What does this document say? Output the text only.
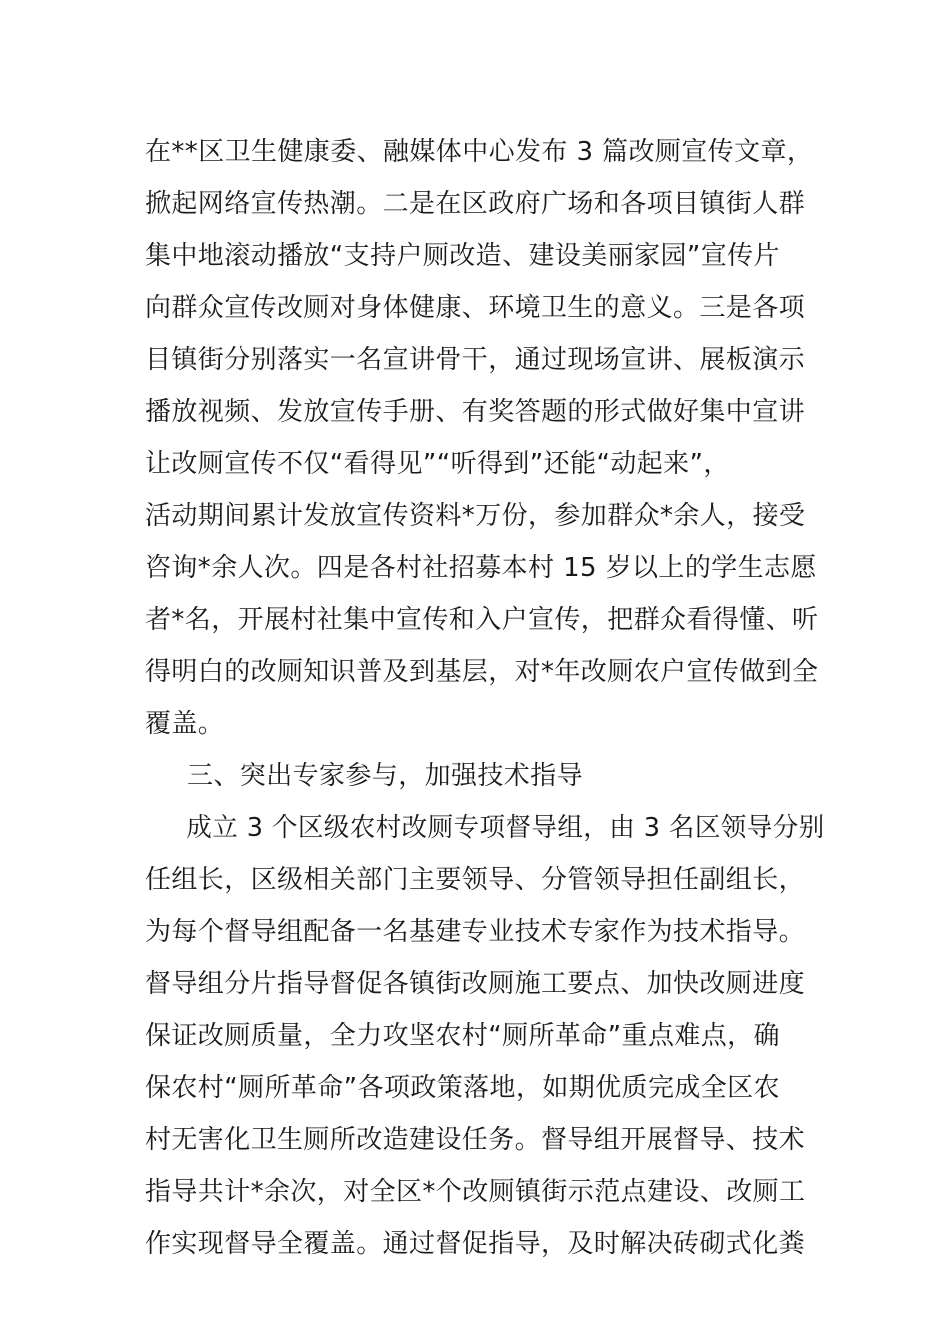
在**区卫生健康委、融媒体中心发布 3 篇改厕宣传文章，
掀起网络宣传热潮。二是在区政府广场和各项目镇街人群
集中地滚动播放“支持户厕改造、建设美丽家园”宣传片
向群众宣传改厕对身体健康、环境卫生的意义。三是各项
目镇街分别落实一名宣讲骨干，通过现场宣讲、展板演示
播放视频、发放宣传手册、有奖答题的形式做好集中宣讲
让改厕宣传不仅“看得见”“听得到”还能“动起来”，
活动期间累计发放宣传资料*万份，参加群众*余人，接受
咨询*余人次。四是各村社招募本村 15 岁以上的学生志愿
者*名，开展村社集中宣传和入户宣传，把群众看得懂、听
得明白的改厕知识普及到基层，对*年改厕农户宣传做到全
覆盖。
三、突出专家参与，加强技术指导
成立 3 个区级农村改厕专项督导组，由 3 名区领导分别
任组长，区级相关部门主要领导、分管领导担任副组长，
为每个督导组配备一名基建专业技术专家作为技术指导。
督导组分片指导督促各镇街改厕施工要点、加快改厕进度
保证改厕质量，全力攻坚农村“厕所革命”重点难点，确
保农村“厕所革命”各项政策落地，如期优质完成全区农
村无害化卫生厕所改造建设任务。督导组开展督导、技术
指导共计*余次，对全区*个改厕镇街示范点建设、改厕工
作实现督导全覆盖。通过督促指导，及时解决砖砌式化粪
